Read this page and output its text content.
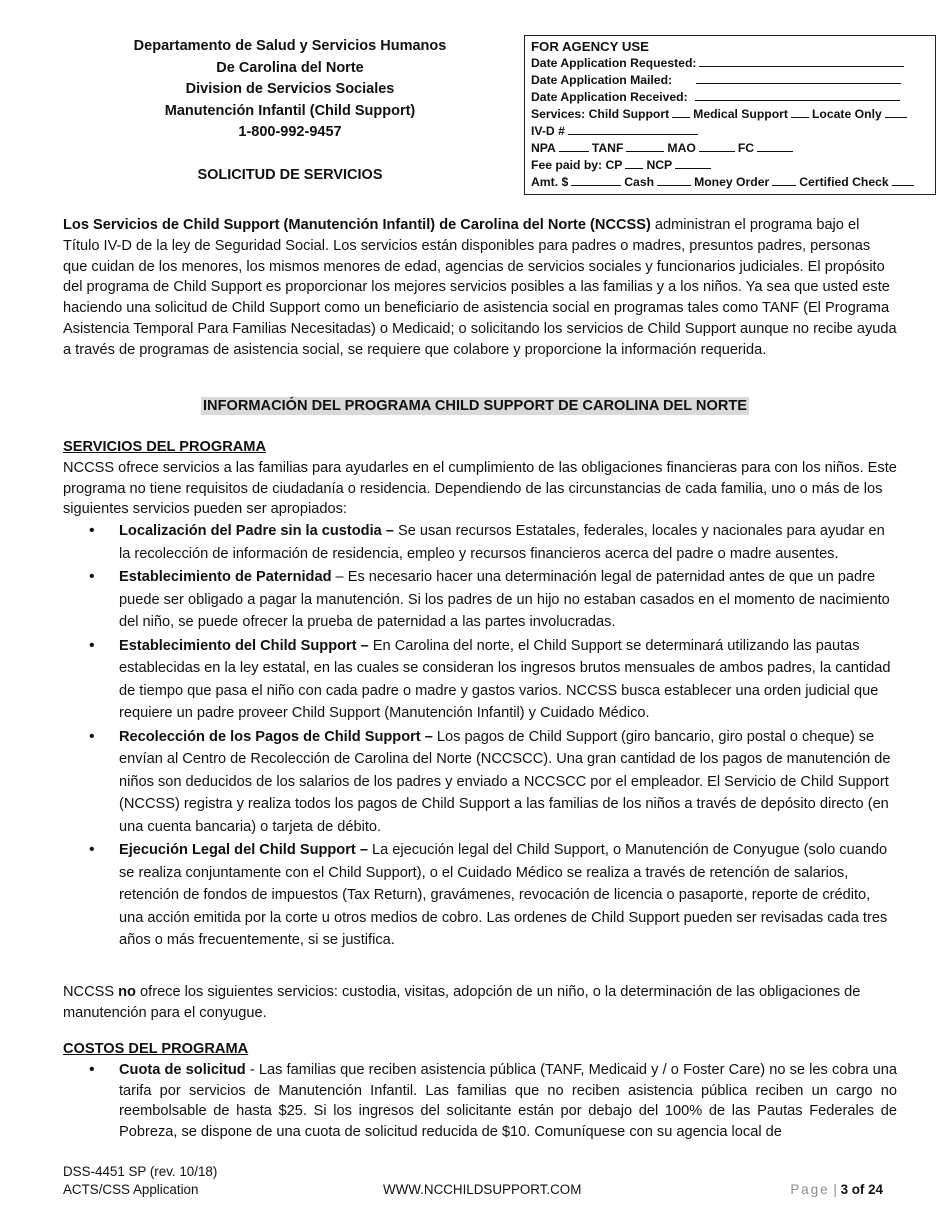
Departamento de Salud y Servicios Humanos
De Carolina del Norte
Division de Servicios Sociales
Manutención Infantil (Child Support)
1-800-992-9457
SOLICITUD DE SERVICIOS
FOR AGENCY USE
Date Application Requested:
Date Application Mailed:
Date Application Received:
Services: Child Support Medical Support Locate Only
IV-D #
NPA	TANF	MAO	FC
Fee paid by: CP NCP
Amt. $	Cash	Money Order Certified Check
Los Servicios de Child Support (Manutención Infantil) de Carolina del Norte (NCCSS) administran el programa bajo el Título IV-D de la ley de Seguridad Social. Los servicios están disponibles para padres o madres, presuntos padres, personas que cuidan de los menores, los mismos menores de edad, agencias de servicios sociales y funcionarios judiciales. El propósito del programa de Child Support es proporcionar los mejores servicios posibles a las familias y a los niños. Ya sea que usted este haciendo una solicitud de Child Support como un beneficiario de asistencia social en programas tales como TANF (El Programa Asistencia Temporal Para Familias Necesitadas) o Medicaid; o solicitando los servicios de Child Support aunque no recibe ayuda a través de programas de asistencia social, se requiere que colabore y proporcione la información requerida.
INFORMACIÓN DEL PROGRAMA CHILD SUPPORT DE CAROLINA DEL NORTE
SERVICIOS DEL PROGRAMA
NCCSS ofrece servicios a las familias para ayudarles en el cumplimiento de las obligaciones financieras para con los niños. Este programa no tiene requisitos de ciudadanía o residencia. Dependiendo de las circunstancias de cada familia, uno o más de los siguientes servicios pueden ser apropiados:
• Localización del Padre sin la custodia – Se usan recursos Estatales, federales, locales y nacionales para ayudar en la recolección de información de residencia, empleo y recursos financieros acerca del padre o madre ausentes.
• Establecimiento de Paternidad – Es necesario hacer una determinación legal de paternidad antes de que un padre puede ser obligado a pagar la manutención. Si los padres de un hijo no estaban casados en el momento de nacimiento del niño, se puede ofrecer la prueba de paternidad a las partes involucradas.
• Establecimiento del Child Support – En Carolina del norte, el Child Support se determinará utilizando las pautas establecidas en la ley estatal, en las cuales se consideran los ingresos brutos mensuales de ambos padres, la cantidad de tiempo que pasa el niño con cada padre o madre y gastos varios. NCCSS busca establecer una orden judicial que requiere un padre proveer Child Support (Manutención Infantil) y Cuidado Médico.
• Recolección de los Pagos de Child Support – Los pagos de Child Support (giro bancario, giro postal o cheque) se envían al Centro de Recolección de Carolina del Norte (NCCSCC). Una gran cantidad de los pagos de manutención de niños son deducidos de los salarios de los padres y enviado a NCCSCC por el empleador. El Servicio de Child Support (NCCSS) registra y realiza todos los pagos de Child Support a las familias de los niños a través de depósito directo (en una cuenta bancaria) o tarjeta de débito.
• Ejecución Legal del Child Support – La ejecución legal del Child Support, o Manutención de Conyugue (solo cuando se realiza conjuntamente con el Child Support), o el Cuidado Médico se realiza a través de retención de salarios, retención de fondos de impuestos (Tax Return), gravámenes, revocación de licencia o pasaporte, reporte de crédito, una acción emitida por la corte u otros medios de cobro. Las ordenes de Child Support pueden ser revisadas cada tres años o más frecuentemente, si se justifica.
NCCSS no ofrece los siguientes servicios: custodia, visitas, adopción de un niño, o la determinación de las obligaciones de manutención para el conyugue.
COSTOS DEL PROGRAMA
• Cuota de solicitud - Las familias que reciben asistencia pública (TANF, Medicaid y / o Foster Care) no se les cobra una tarifa por servicios de Manutención Infantil. Las familias que no reciben asistencia pública reciben un cargo no reembolsable de hasta $25. Si los ingresos del solicitante están por debajo del 100% de las Pautas Federales de Pobreza, se dispone de una cuota de solicitud reducida de $10. Comuníquese con su agencia local de
DSS-4451 SP (rev. 10/18)
ACTS/CSS Application	WWW.NCCHILDSUPPORT.COM	Page | 3 of 24
